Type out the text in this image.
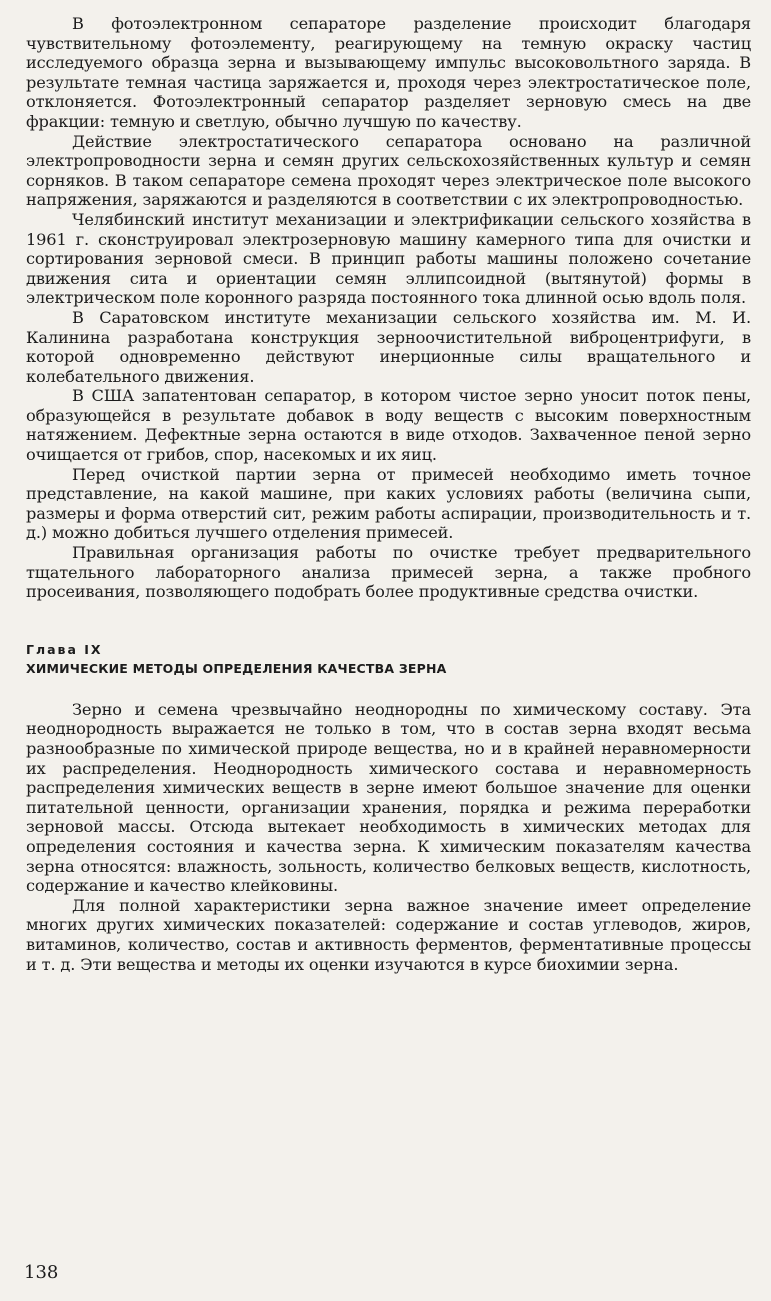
В фотоэлектронном сепараторе разделение происходит благодаря чувствительному фотоэлементу, реагирующему на темную окраску частиц исследуемого образца зерна и вызывающему импульс высоковольтного заряда. В результате темная частица заряжается и, проходя через электростатическое поле, отклоняется. Фотоэлектронный сепаратор разделяет зерновую смесь на две фракции: темную и светлую, обычно лучшую по качеству.

Действие электростатического сепаратора основано на различной электропроводности зерна и семян других сельскохозяйственных культур и семян сорняков. В таком сепараторе семена проходят через электрическое поле высокого напряжения, заряжаются и разделяются в соответствии с их электропроводностью.

Челябинский институт механизации и электрификации сельского хозяйства в 1961 г. сконструировал электрозерновую машину камерного типа для очистки и сортирования зерновой смеси. В принцип работы машины положено сочетание движения сита и ориентации семян эллипсоидной (вытянутой) формы в электрическом поле коронного разряда постоянного тока длинной осью вдоль поля.

В Саратовском институте механизации сельского хозяйства им. М. И. Калинина разработана конструкция зерноочистительной виброцентрифуги, в которой одновременно действуют инерционные силы вращательного и колебательного движения.

В США запатентован сепаратор, в котором чистое зерно уносит поток пены, образующейся в результате добавок в воду веществ с высоким поверхностным натяжением. Дефектные зерна остаются в виде отходов. Захваченное пеной зерно очищается от грибов, спор, насекомых и их яиц.

Перед очисткой партии зерна от примесей необходимо иметь точное представление, на какой машине, при каких условиях работы (величина сыпи, размеры и форма отверстий сит, режим работы аспирации, производительность и т. д.) можно добиться лучшего отделения примесей.

Правильная организация работы по очистке требует предварительного тщательного лабораторного анализа примесей зерна, а также пробного просеивания, позволяющего подобрать более продуктивные средства очистки.

Глава IX
ХИМИЧЕСКИЕ МЕТОДЫ ОПРЕДЕЛЕНИЯ КАЧЕСТВА ЗЕРНА

Зерно и семена чрезвычайно неоднородны по химическому составу. Эта неоднородность выражается не только в том, что в состав зерна входят весьма разнообразные по химической природе вещества, но и в крайней неравномерности их распределения. Неоднородность химического состава и неравномерность распределения химических веществ в зерне имеют большое значение для оценки питательной ценности, организации хранения, порядка и режима переработки зерновой массы. Отсюда вытекает необходимость в химических методах для определения состояния и качества зерна. К химическим показателям качества зерна относятся: влажность, зольность, количество белковых веществ, кислотность, содержание и качество клейковины.

Для полной характеристики зерна важное значение имеет определение многих других химических показателей: содержание и состав углеводов, жиров, витаминов, количество, состав и активность ферментов, ферментативные процессы и т. д. Эти вещества и методы их оценки изучаются в курсе биохимии зерна.

138
